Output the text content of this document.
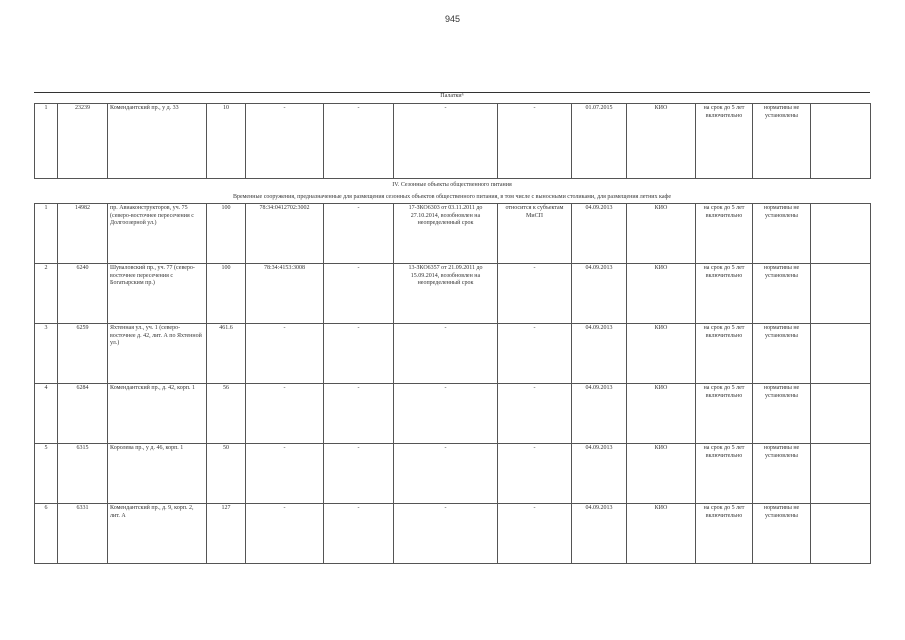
945
Палатки⁶
1	23239	Комендантский пр., у д. 33	10	-	-	-	-	01.07.2015	КИО	на срок до 5 лет включительно	нормативы не установлены	
IV. Сезонные объекты общественного питания
Временные сооружения, предназначенные для размещения сезонных объектов общественного питания, в том числе с выносными столиками, для размещения летних кафе
1	14982	пр. Авиаконструкторов, уч. 75 (северо-восточнее пересечения с Долгоозерной ул.)	100	78:34:0412702:3002	-	17-ЗКО6303 от 03.11.2011 до 27.10.2014, возобновлен на неопределенный срок	относится к субъектам МиСП	04.09.2013	КИО	на срок до 5 лет включительно	нормативы не установлены	
2	6240	Шуваловский пр., уч. 77 (северо-восточнее пересечения с Богатырским пр.)	100	78:34:4153:3008	-	13-ЗКО6357 от 21.09.2011 до 15.09.2014, возобновлен на неопределенный срок	-	04.09.2013	КИО	на срок до 5 лет включительно	нормативы не установлены	
3	6259	Яхтенная ул., уч. 1 (северо-восточнее д. 42, лит. А по Яхтенной ул.)	461.6	-	-	-	-	04.09.2013	КИО	на срок до 5 лет включительно	нормативы не установлены	
4	6284	Комендантский пр., д. 42, корп. 1	56	-	-	-	-	04.09.2013	КИО	на срок до 5 лет включительно	нормативы не установлены	
5	6315	Королева пр., у д. 46, корп. 1	50	-	-	-	-	04.09.2013	КИО	на срок до 5 лет включительно	нормативы не установлены	
6	6331	Комендантский пр., д. 9, корп. 2, лит. А	127	-	-	-	-	04.09.2013	КИО	на срок до 5 лет включительно	нормативы не установлены	
